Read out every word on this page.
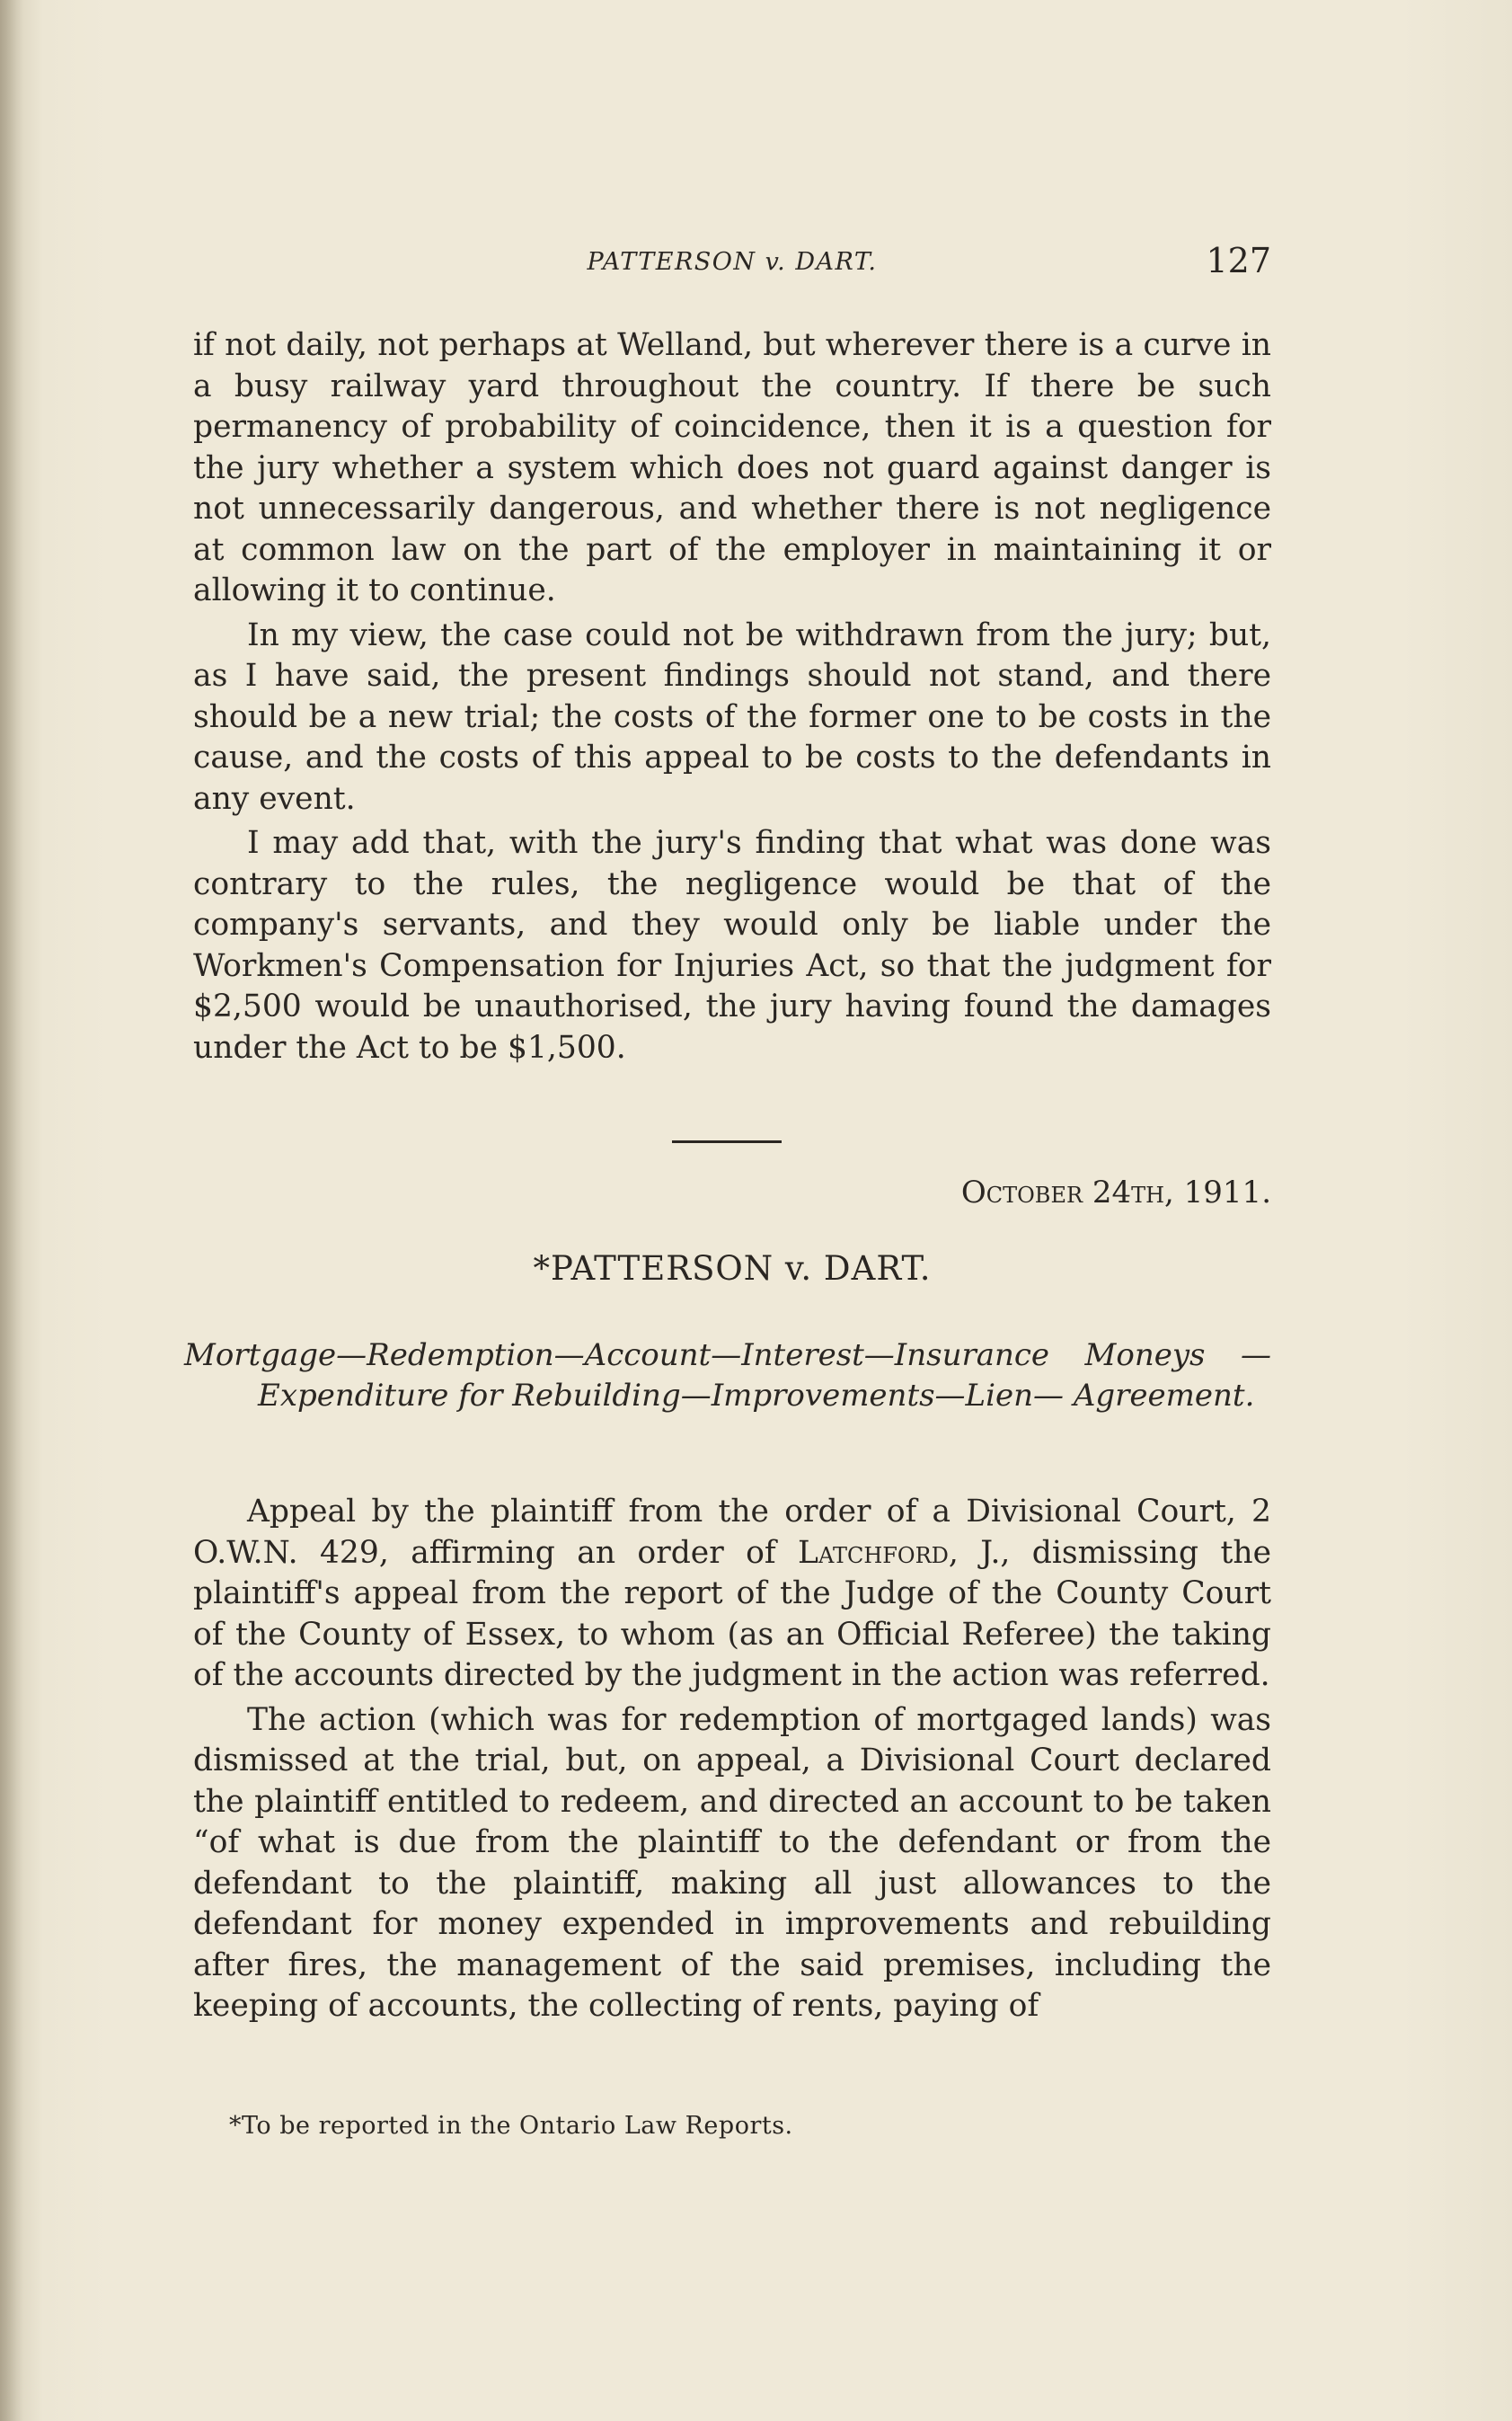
PATTERSON v. DART.	127

if not daily, not perhaps at Welland, but wherever there is a curve in a busy railway yard throughout the country. If there be such permanency of probability of coincidence, then it is a question for the jury whether a system which does not guard against danger is not unnecessarily dangerous, and whether there is not negligence at common law on the part of the employer in maintaining it or allowing it to continue.

In my view, the case could not be withdrawn from the jury; but, as I have said, the present findings should not stand, and there should be a new trial; the costs of the former one to be costs in the cause, and the costs of this appeal to be costs to the defendants in any event.

I may add that, with the jury's finding that what was done was contrary to the rules, the negligence would be that of the company's servants, and they would only be liable under the Workmen's Compensation for Injuries Act, so that the judgment for $2,500 would be unauthorised, the jury having found the damages under the Act to be $1,500.

October 24th, 1911.
*PATTERSON v. DART.
Mortgage—Redemption—Account—Interest—Insurance Moneys —Expenditure for Rebuilding—Improvements—Lien— Agreement.

Appeal by the plaintiff from the order of a Divisional Court, 2 O.W.N. 429, affirming an order of Latchford, J., dismissing the plaintiff's appeal from the report of the Judge of the County Court of the County of Essex, to whom (as an Official Referee) the taking of the accounts directed by the judgment in the action was referred.

The action (which was for redemption of mortgaged lands) was dismissed at the trial, but, on appeal, a Divisional Court declared the plaintiff entitled to redeem, and directed an account to be taken “of what is due from the plaintiff to the defendant or from the defendant to the plaintiff, making all just allowances to the defendant for money expended in improvements and rebuilding after fires, the management of the said premises, including the keeping of accounts, the collecting of rents, paying of

*To be reported in the Ontario Law Reports.
